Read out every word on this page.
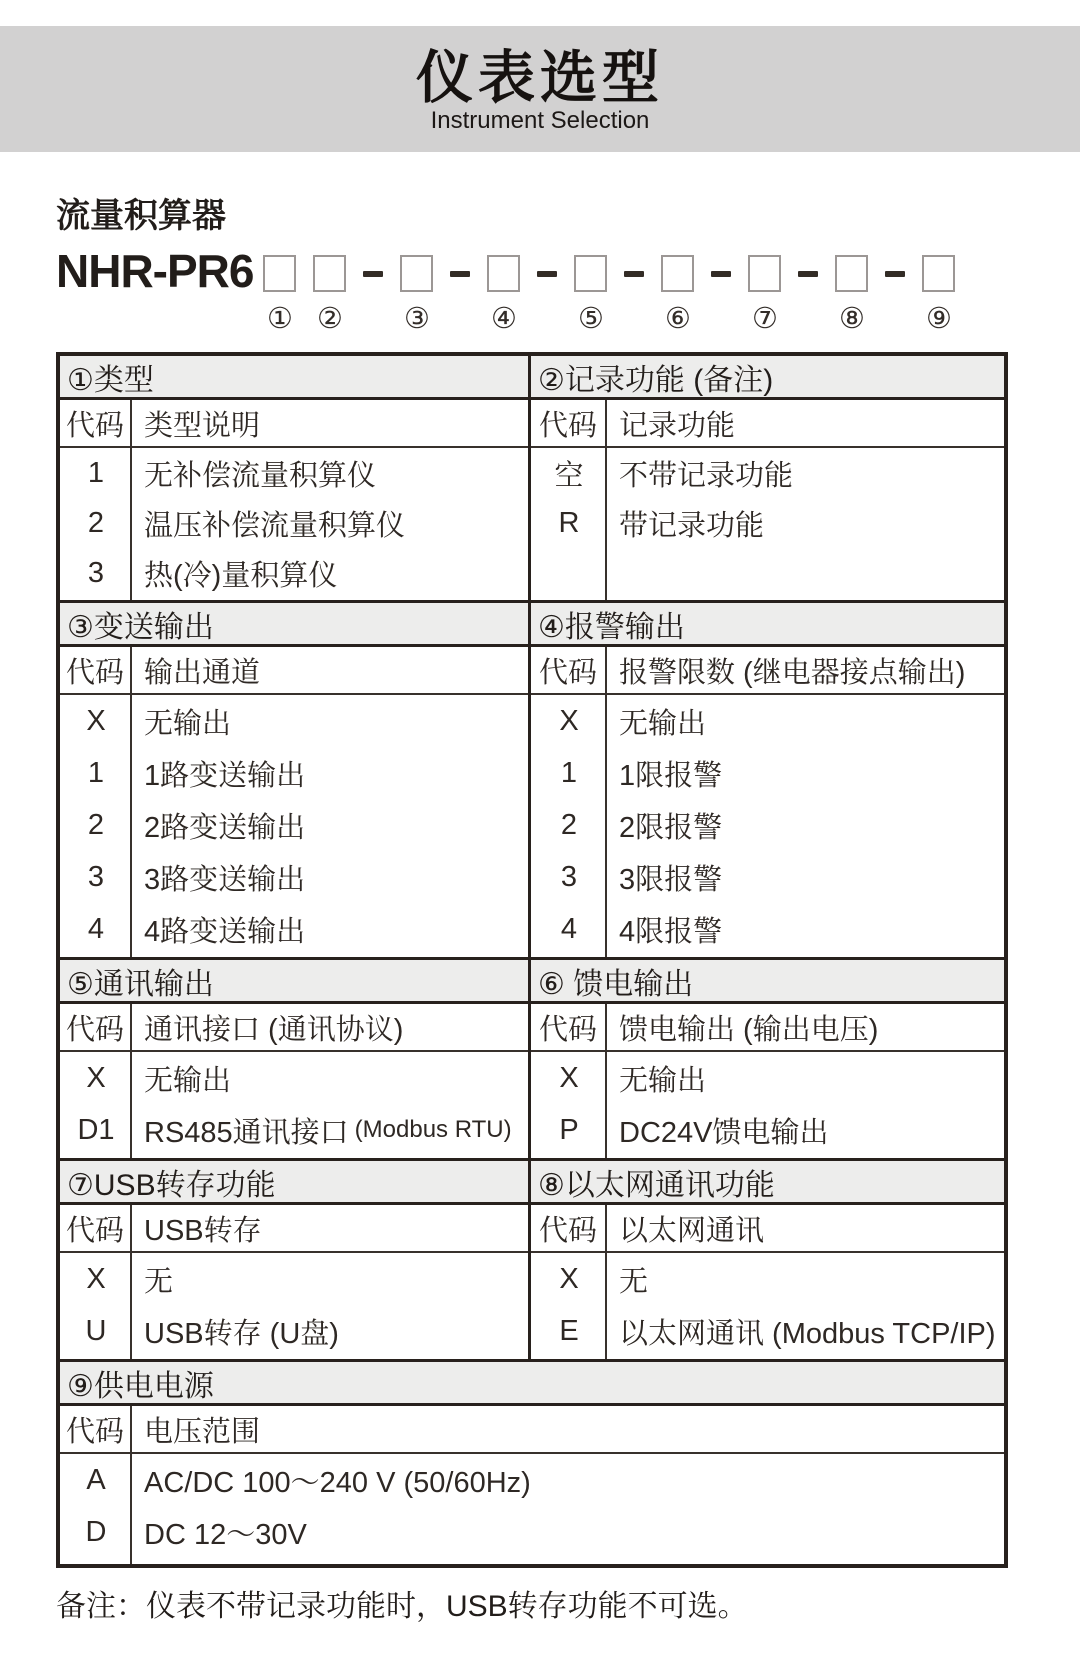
仪表选型
Instrument Selection
流量积算器
NHR-PR6
① ② ③ ④ ⑤ ⑥ ⑦ ⑧ ⑨
①类型
代码 类型说明
1	无补偿流量积算仪
2	温压补偿流量积算仪
3	热(冷)量积算仪
②记录功能 (备注)
代码 记录功能
空	不带记录功能
R	带记录功能
③变送输出
代码 输出通道
X	无输出
1	1路变送输出
2	2路变送输出
3	3路变送输出
4	4路变送输出
④报警输出
代码 报警限数 (继电器接点输出)
X	无输出
1	1限报警
2	2限报警
3	3限报警
4	4限报警
⑤通讯输出
代码 通讯接口 (通讯协议)
X	无输出
D1	RS485通讯接口 (Modbus RTU)
⑥ 馈电输出
代码 馈电输出 (输出电压)
X	无输出
P	DC24V馈电输出
⑦USB转存功能
代码 USB转存
X	无
U	USB转存 (U盘)
⑧以太网通讯功能
代码 以太网通讯
X	无
E	以太网通讯 (Modbus TCP/IP)
⑨供电电源
代码 电压范围
A	AC/DC 100～240 V (50/60Hz)
D	DC 12～30V
备注：仪表不带记录功能时，USB转存功能不可选。
